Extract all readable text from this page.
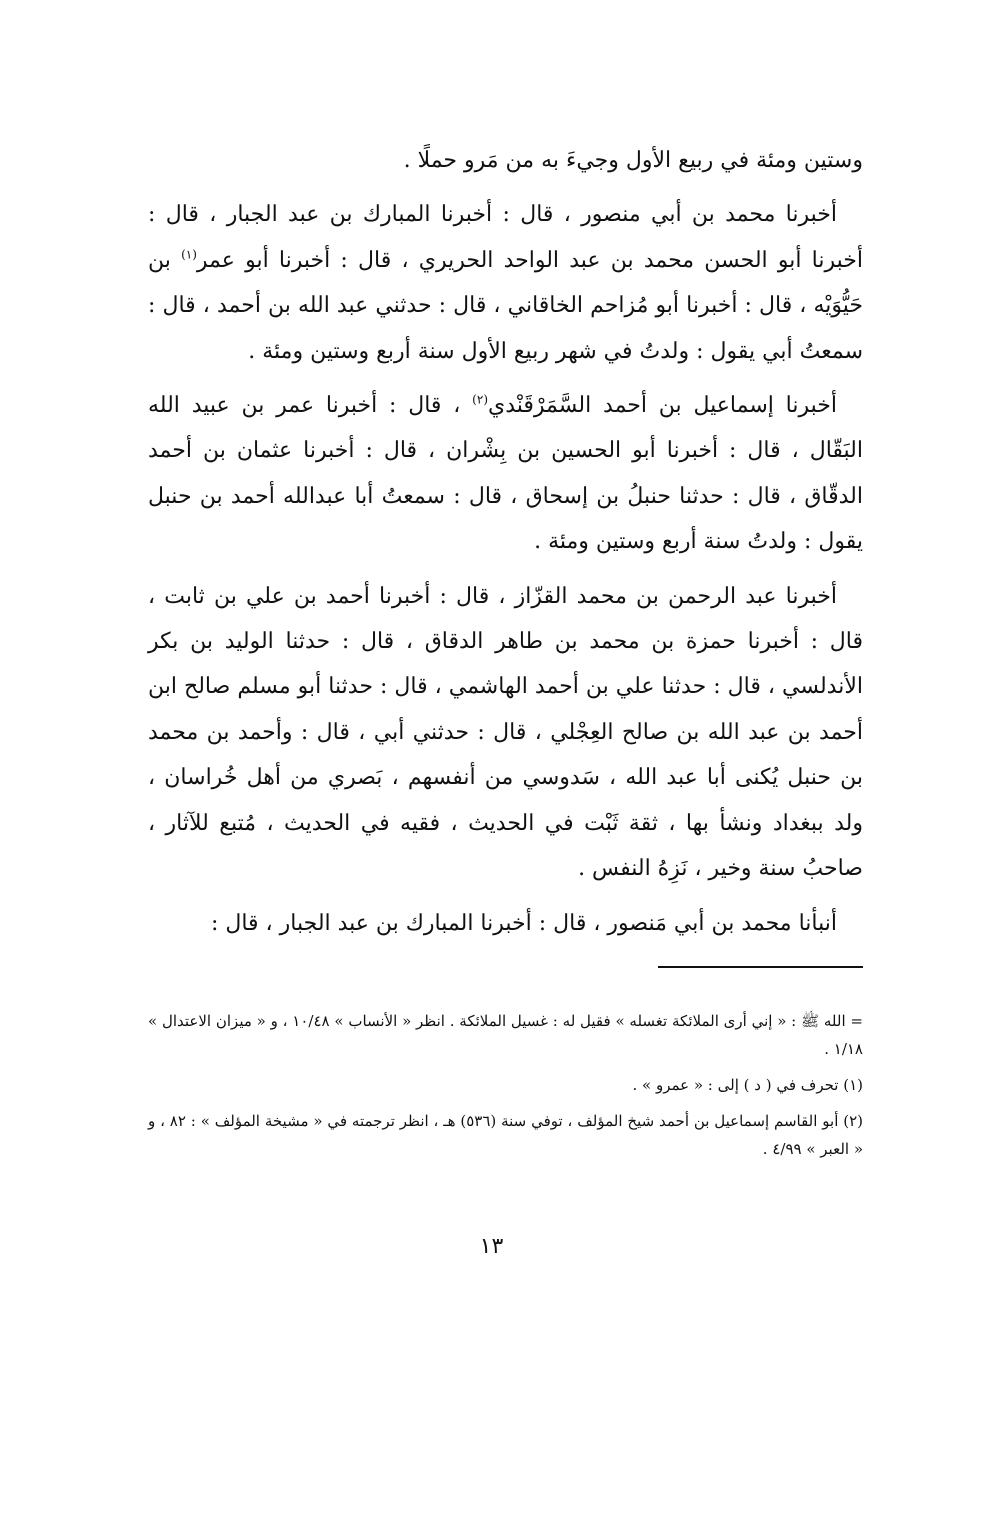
وستين ومئة في ربيع الأول وجيءَ به من مَرو حملًا .

أخبرنا محمد بن أبي منصور ، قال : أخبرنا المبارك بن عبد الجبار ، قال : أخبرنا أبو الحسن محمد بن عبد الواحد الحريري ، قال : أخبرنا أبو عمر$^{(١)}$ بن حَيُّوَيْه ، قال : أخبرنا أبو مُزاحم الخاقاني ، قال : حدثني عبد الله بن أحمد ، قال : سمعتُ أبي يقول : ولدتُ في شهر ربيع الأول سنة أربع وستين ومئة .

أخبرنا إسماعيل بن أحمد السَّمَرْقَنْدي$^{(٢)}$ ، قال : أخبرنا عمر بن عبيد الله البَقّال ، قال : أخبرنا أبو الحسين بن بِشْران ، قال : أخبرنا عثمان بن أحمد الدقّاق ، قال : حدثنا حنبلُ بن إسحاق ، قال : سمعتُ أبا عبدالله أحمد بن حنبل يقول : ولدتُ سنة أربع وستين ومئة .

أخبرنا عبد الرحمن بن محمد القزّاز ، قال : أخبرنا أحمد بن علي بن ثابت ، قال : أخبرنا حمزة بن محمد بن طاهر الدقاق ، قال : حدثنا الوليد بن بكر الأندلسي ، قال : حدثنا علي بن أحمد الهاشمي ، قال : حدثنا أبو مسلم صالح ابن أحمد بن عبد الله بن صالح العِجْلي ، قال : حدثني أبي ، قال : وأحمد بن محمد بن حنبل يُكنى أبا عبد الله ، سَدوسي من أنفسهم ، بَصري من أهل خُراسان ، ولد ببغداد ونشأ بها ، ثقة ثَبْت في الحديث ، فقيه في الحديث ، مُتبع للآثار ، صاحبُ سنة وخير ، نَزِهُ النفس .

أنبأنا محمد بن أبي مَنصور ، قال : أخبرنا المبارك بن عبد الجبار ، قال :

= الله ﷺ : « إني أرى الملائكة تغسله » فقيل له : غسيل الملائكة . انظر « الأنساب » ١٠/٤٨ ، و « ميزان الاعتدال » ١/١٨ .

(١) تحرف في ( د ) إلى : « عمرو » .

(٢) أبو القاسم إسماعيل بن أحمد شيخ المؤلف ، توفي سنة (٥٣٦) هـ ، انظر ترجمته في « مشيخة المؤلف » : ٨٢ ، و « العبر » ٤/٩٩ .

١٣
